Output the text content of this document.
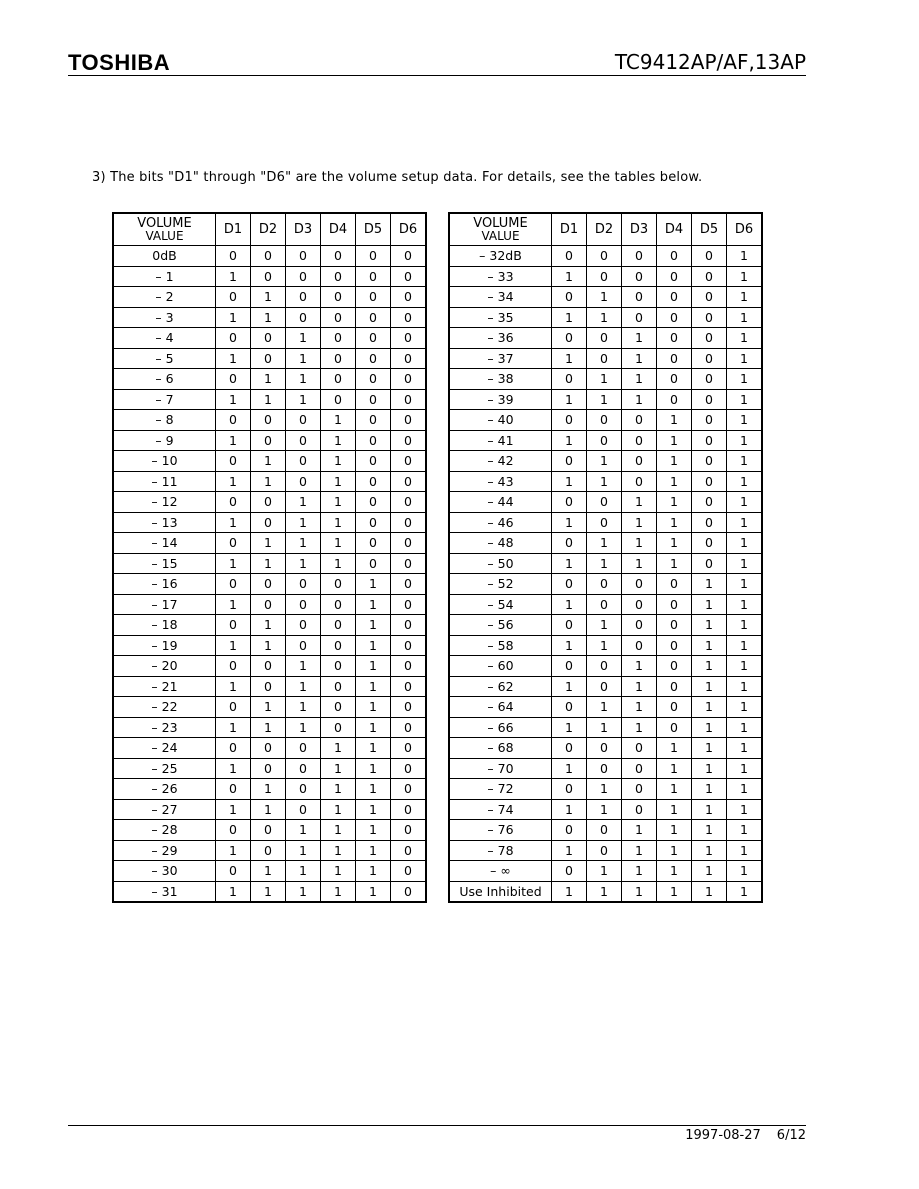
TOSHIBA	TC9412AP/AF,13AP
3) The bits "D1" through "D6" are the volume setup data. For details, see the tables below.
VOLUME
VALUE	D1	D2	D3	D4	D5	D6
0dB	0	0	0	0	0	0
– 1	1	0	0	0	0	0
– 2	0	1	0	0	0	0
– 3	1	1	0	0	0	0
– 4	0	0	1	0	0	0
– 5	1	0	1	0	0	0
– 6	0	1	1	0	0	0
– 7	1	1	1	0	0	0
– 8	0	0	0	1	0	0
– 9	1	0	0	1	0	0
– 10	0	1	0	1	0	0
– 11	1	1	0	1	0	0
– 12	0	0	1	1	0	0
– 13	1	0	1	1	0	0
– 14	0	1	1	1	0	0
– 15	1	1	1	1	0	0
– 16	0	0	0	0	1	0
– 17	1	0	0	0	1	0
– 18	0	1	0	0	1	0
– 19	1	1	0	0	1	0
– 20	0	0	1	0	1	0
– 21	1	0	1	0	1	0
– 22	0	1	1	0	1	0
– 23	1	1	1	0	1	0
– 24	0	0	0	1	1	0
– 25	1	0	0	1	1	0
– 26	0	1	0	1	1	0
– 27	1	1	0	1	1	0
– 28	0	0	1	1	1	0
– 29	1	0	1	1	1	0
– 30	0	1	1	1	1	0
– 31	1	1	1	1	1	0
VOLUME
VALUE	D1	D2	D3	D4	D5	D6
– 32dB	0	0	0	0	0	1
– 33	1	0	0	0	0	1
– 34	0	1	0	0	0	1
– 35	1	1	0	0	0	1
– 36	0	0	1	0	0	1
– 37	1	0	1	0	0	1
– 38	0	1	1	0	0	1
– 39	1	1	1	0	0	1
– 40	0	0	0	1	0	1
– 41	1	0	0	1	0	1
– 42	0	1	0	1	0	1
– 43	1	1	0	1	0	1
– 44	0	0	1	1	0	1
– 46	1	0	1	1	0	1
– 48	0	1	1	1	0	1
– 50	1	1	1	1	0	1
– 52	0	0	0	0	1	1
– 54	1	0	0	0	1	1
– 56	0	1	0	0	1	1
– 58	1	1	0	0	1	1
– 60	0	0	1	0	1	1
– 62	1	0	1	0	1	1
– 64	0	1	1	0	1	1
– 66	1	1	1	0	1	1
– 68	0	0	0	1	1	1
– 70	1	0	0	1	1	1
– 72	0	1	0	1	1	1
– 74	1	1	0	1	1	1
– 76	0	0	1	1	1	1
– 78	1	0	1	1	1	1
– ∞	0	1	1	1	1	1
Use Inhibited	1	1	1	1	1	1
1997-08-27 6/12
